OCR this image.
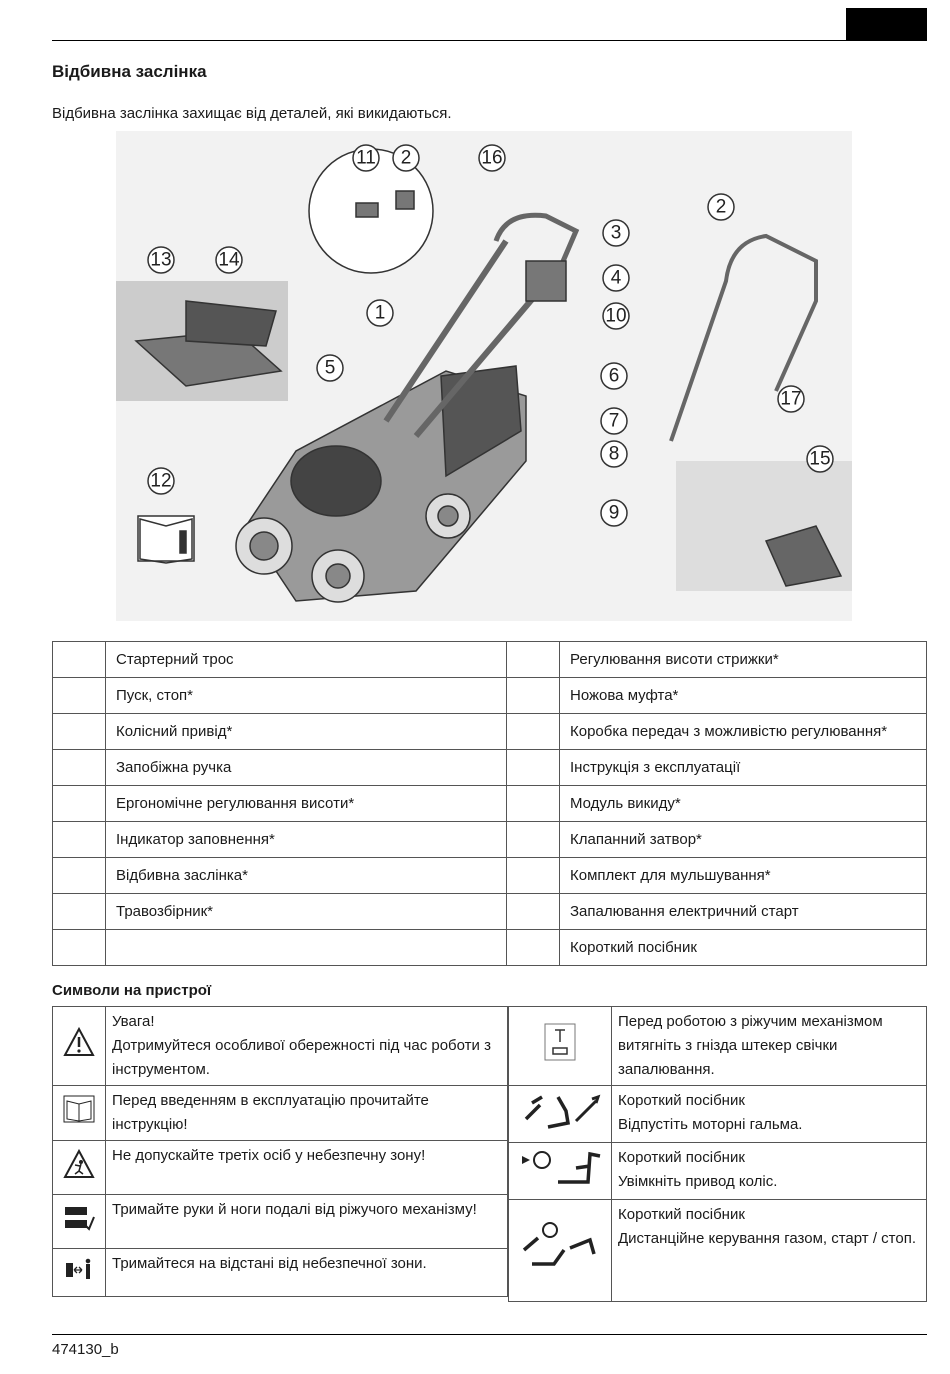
Відбивна заслінка
Відбивна заслінка захищає від деталей, які викидаються.
1
2
2
3
4
5	6
7
8
9
10
11
12
13 14
15
16
17
	Стартерний трос		Регулювання висоти стрижки*
	Пуск, стоп*		Ножова муфта*
	Колісний привід*		Коробка передач з можливістю регулювання*
	Запобіжна ручка		Інструкція з експлуатації
	Ергономічне регулювання висоти*		Модуль викиду*
	Індикатор заповнення*		Клапанний затвор*
	Відбивна заслінка*		Комплект для мульшування*
	Травозбірник*		Запалювання електричний старт
			Короткий посібник
Символи на пристрої

Увага!
Дотримуйтеся особливої обережності під час роботи з інструментом.

Перед введенням в експлуатацію прочитайте інструкцію!

Не допускайте третіх осіб у небезпечну зону!

Тримайте руки й ноги подалі від ріжучого механізму!

Тримайтеся на відстані від небезпечної зони.

Перед роботою з ріжучим механізмом витягніть з гнізда штекер свічки запалювання.

Короткий посібник
Відпустіть моторні гальма.

Короткий посібник
Увімкніть привод коліс.

Короткий посібник
Дистанційне керування газом, старт / стоп.
474130_b
